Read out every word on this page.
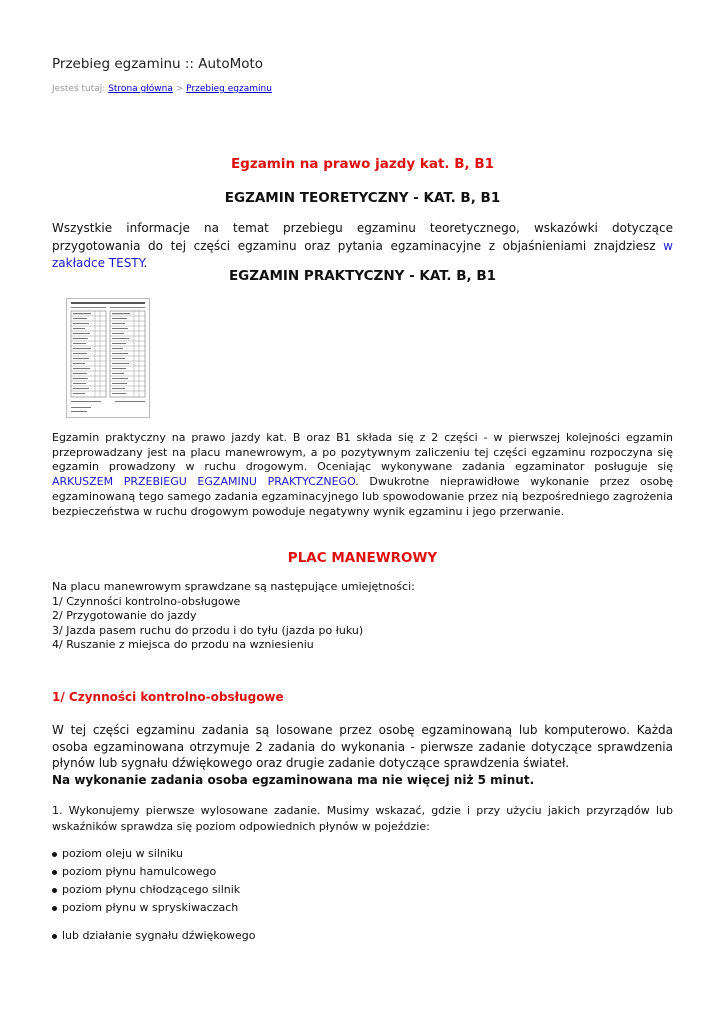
Przebieg egzaminu :: AutoMoto
Jesteś tutaj: Strona główna > Przebieg egzaminu
Egzamin na prawo jazdy kat. B, B1
EGZAMIN TEORETYCZNY - KAT. B, B1
Wszystkie informacje na temat przebiegu egzaminu teoretycznego, wskazówki dotyczące przygotowania do tej części egzaminu oraz pytania egzaminacyjne z objaśnieniami znajdziesz w zakładce TESTY.
EGZAMIN PRAKTYCZNY - KAT. B, B1
Egzamin praktyczny na prawo jazdy kat. B oraz B1 składa się z 2 części - w pierwszej kolejności egzamin przeprowadzany jest na placu manewrowym, a po pozytywnym zaliczeniu tej części egzaminu rozpoczyna się egzamin prowadzony w ruchu drogowym. Oceniając wykonywane zadania egzaminator posługuje się ARKUSZEM PRZEBIEGU EGZAMINU PRAKTYCZNEGO. Dwukrotne nieprawidłowe wykonanie przez osobę egzaminowaną tego samego zadania egzaminacyjnego lub spowodowanie przez nią bezpośredniego zagrożenia bezpieczeństwa w ruchu drogowym powoduje negatywny wynik egzaminu i jego przerwanie.
PLAC MANEWROWY
Na placu manewrowym sprawdzane są następujące umiejętności:
1/ Czynności kontrolno-obsługowe
2/ Przygotowanie do jazdy
3/ Jazda pasem ruchu do przodu i do tyłu (jazda po łuku)
4/ Ruszanie z miejsca do przodu na wzniesieniu
1/ Czynności kontrolno-obsługowe
W tej części egzaminu zadania są losowane przez osobę egzaminowaną lub komputerowo. Każda osoba egzaminowana otrzymuje 2 zadania do wykonania - pierwsze zadanie dotyczące sprawdzenia płynów lub sygnału dźwiękowego oraz drugie zadanie dotyczące sprawdzenia świateł.
Na wykonanie zadania osoba egzaminowana ma nie więcej niż 5 minut.
1. Wykonujemy pierwsze wylosowane zadanie. Musimy wskazać, gdzie i przy użyciu jakich przyrządów lub wskaźników sprawdza się poziom odpowiednich płynów w pojeździe:
poziom oleju w silniku
poziom płynu hamulcowego
poziom płynu chłodzącego silnik
poziom płynu w spryskiwaczach
lub działanie sygnału dźwiękowego
